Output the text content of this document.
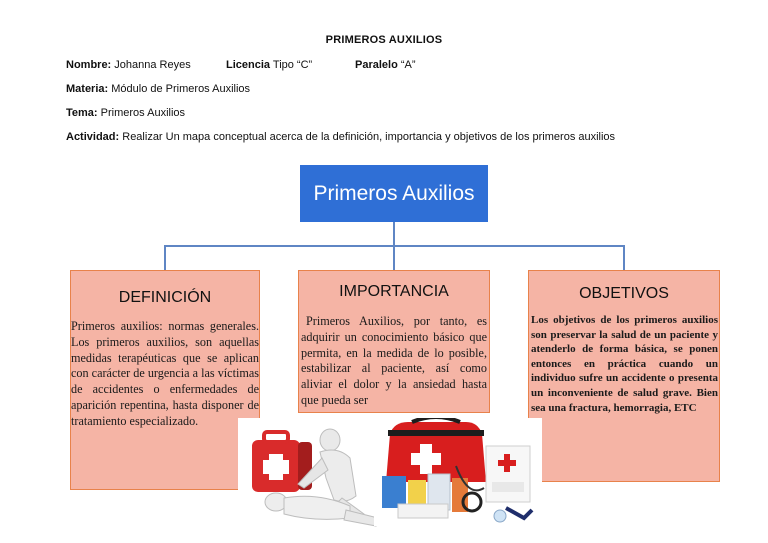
PRIMEROS AUXILIOS
Nombre: Johanna Reyes	Licencia Tipo “C”	Paralelo “A”
Materia: Módulo de Primeros Auxilios
Tema: Primeros Auxilios
Actividad: Realizar Un mapa conceptual acerca de la definición, importancia y objetivos de los primeros auxilios
Primeros Auxilios
DEFINICIÓN
Primeros auxilios: normas generales. Los primeros auxilios, son aquellas medidas terapéuticas que se aplican con carácter de urgencia a las víctimas de accidentes o enfermedades de aparición repentina, hasta disponer de tratamiento especializado.
IMPORTANCIA
Primeros Auxilios, por tanto, es adquirir un conocimiento básico que permita, en la medida de lo posible, estabilizar al paciente, así como aliviar el dolor y la ansiedad hasta que pueda ser
OBJETIVOS
Los objetivos de los primeros auxilios son preservar la salud de un paciente y atenderlo de forma básica, se ponen entonces en práctica cuando un individuo sufre un accidente o presenta un inconveniente de salud grave. Bien sea una fractura, hemorragia, ETC
